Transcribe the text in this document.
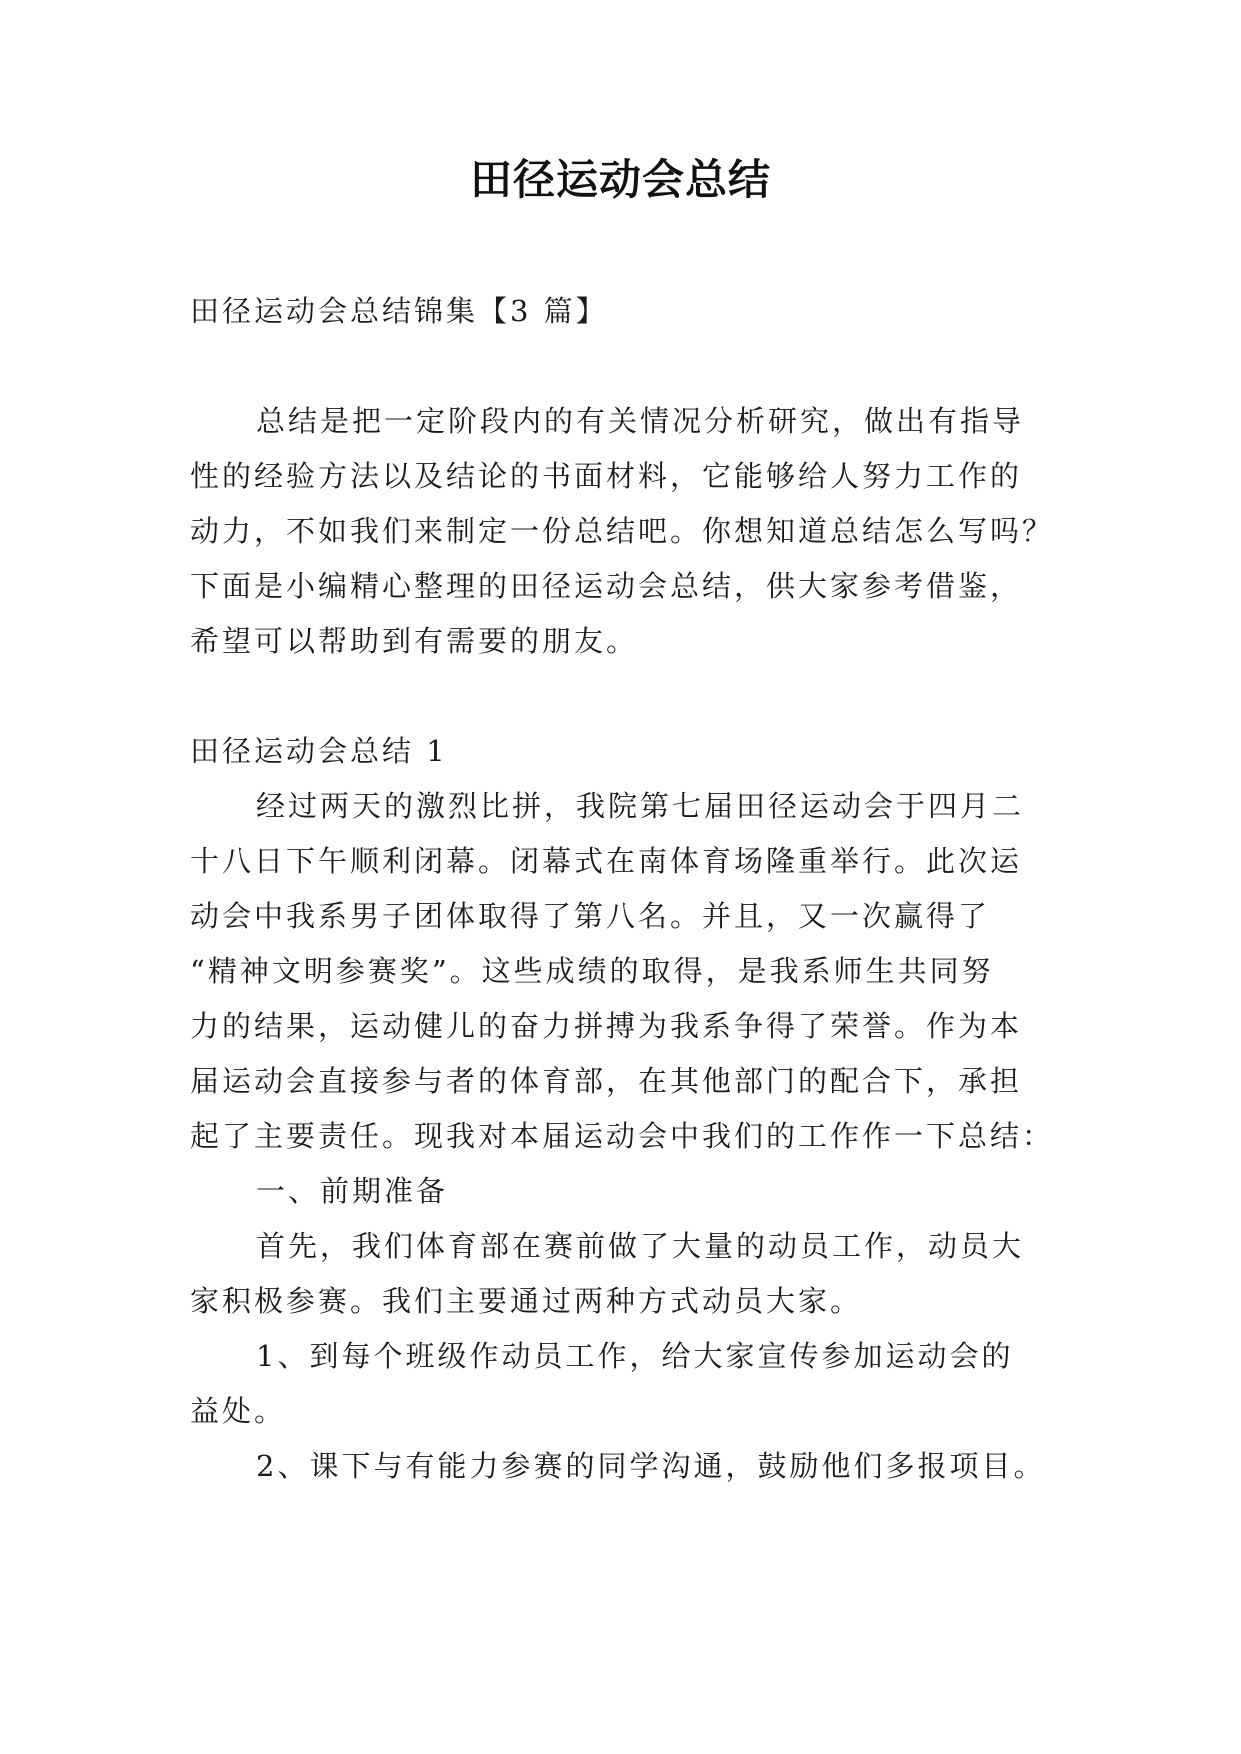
田径运动会总结
田径运动会总结锦集【3 篇】
总结是把一定阶段内的有关情况分析研究，做出有指导
性的经验方法以及结论的书面材料，它能够给人努力工作的
动力，不如我们来制定一份总结吧。你想知道总结怎么写吗？
下面是小编精心整理的田径运动会总结，供大家参考借鉴，
希望可以帮助到有需要的朋友。
田径运动会总结 1
经过两天的激烈比拼，我院第七届田径运动会于四月二
十八日下午顺利闭幕。闭幕式在南体育场隆重举行。此次运
动会中我系男子团体取得了第八名。并且，又一次赢得了
“精神文明参赛奖”。这些成绩的取得，是我系师生共同努
力的结果，运动健儿的奋力拼搏为我系争得了荣誉。作为本
届运动会直接参与者的体育部，在其他部门的配合下，承担
起了主要责任。现我对本届运动会中我们的工作作一下总结：
一、前期准备
首先，我们体育部在赛前做了大量的动员工作，动员大
家积极参赛。我们主要通过两种方式动员大家。
1、到每个班级作动员工作，给大家宣传参加运动会的
益处。
2、课下与有能力参赛的同学沟通，鼓励他们多报项目。
